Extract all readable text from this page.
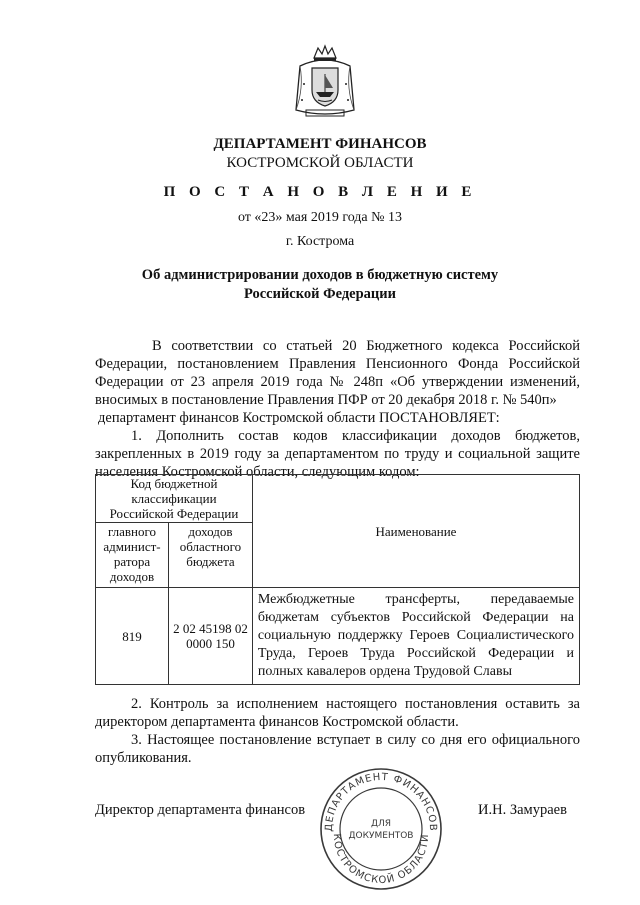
ДЕПАРТАМЕНТ ФИНАНСОВ
КОСТРОМСКОЙ ОБЛАСТИ
П О С Т А Н О В Л Е Н И Е
от «23» мая 2019 года № 13
г. Кострома
Об администрировании доходов в бюджетную систему
Российской Федерации
В соответствии со статьей 20 Бюджетного кодекса Российской Федерации, постановлением Правления Пенсионного Фонда Российской Федерации от 23 апреля 2019 года № 248п «Об утверждении изменений, вносимых в постановление Правления ПФР от 20 декабря 2018 г. № 540п»
департамент финансов Костромской области ПОСТАНОВЛЯЕТ:
1. Дополнить состав кодов классификации доходов бюджетов, закрепленных в 2019 году за департаментом по труду и социальной защите населения Костромской области, следующим кодом:
Код бюджетной классификации Российской Федерации		Наименование
главного админист-ратора доходов	доходов областного бюджета	
819	2 02 45198 02 0000 150	Межбюджетные трансферты, передаваемые бюджетам субъектов Российской Федерации на социальную поддержку Героев Социалистического Труда, Героев Труда Российской Федерации и полных кавалеров ордена Трудовой Славы
2. Контроль за исполнением настоящего постановления оставить за директором департамента финансов Костромской области.
3. Настоящее постановление вступает в силу со дня его официального опубликования.
Директор департамента финансов	И.Н. Замураев
ДЕПАРТАМЕНТ ФИНАНСОВ
КОСТРОМСКОЙ ОБЛАСТИ
ДЛЯ
ДОКУМЕНТОВ
